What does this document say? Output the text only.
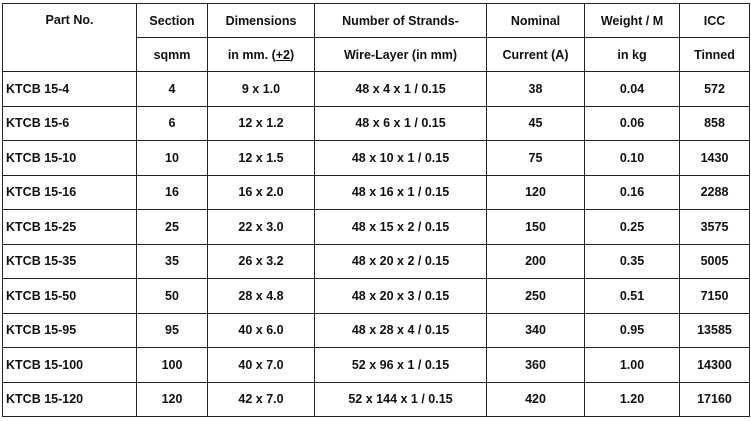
Part No.	Section	Dimensions	Number of Strands-	Nominal	Weight / M	ICC
	sqmm	in mm. (+2)	Wire-Layer (in mm)	Current (A)	in kg	Tinned
KTCB 15-4	4	9 x 1.0	48 x 4 x 1 / 0.15	38	0.04	572
KTCB 15-6	6	12 x 1.2	48 x 6 x 1 / 0.15	45	0.06	858
KTCB 15-10	10	12 x 1.5	48 x 10 x 1 / 0.15	75	0.10	1430
KTCB 15-16	16	16 x 2.0	48 x 16 x 1 / 0.15	120	0.16	2288
KTCB 15-25	25	22 x 3.0	48 x 15 x 2 / 0.15	150	0.25	3575
KTCB 15-35	35	26 x 3.2	48 x 20 x 2 / 0.15	200	0.35	5005
KTCB 15-50	50	28 x 4.8	48 x 20 x 3 / 0.15	250	0.51	7150
KTCB 15-95	95	40 x 6.0	48 x 28 x 4 / 0.15	340	0.95	13585
KTCB 15-100	100	40 x 7.0	52 x 96 x 1 / 0.15	360	1.00	14300
KTCB 15-120	120	42 x 7.0	52 x 144 x 1 / 0.15	420	1.20	17160
